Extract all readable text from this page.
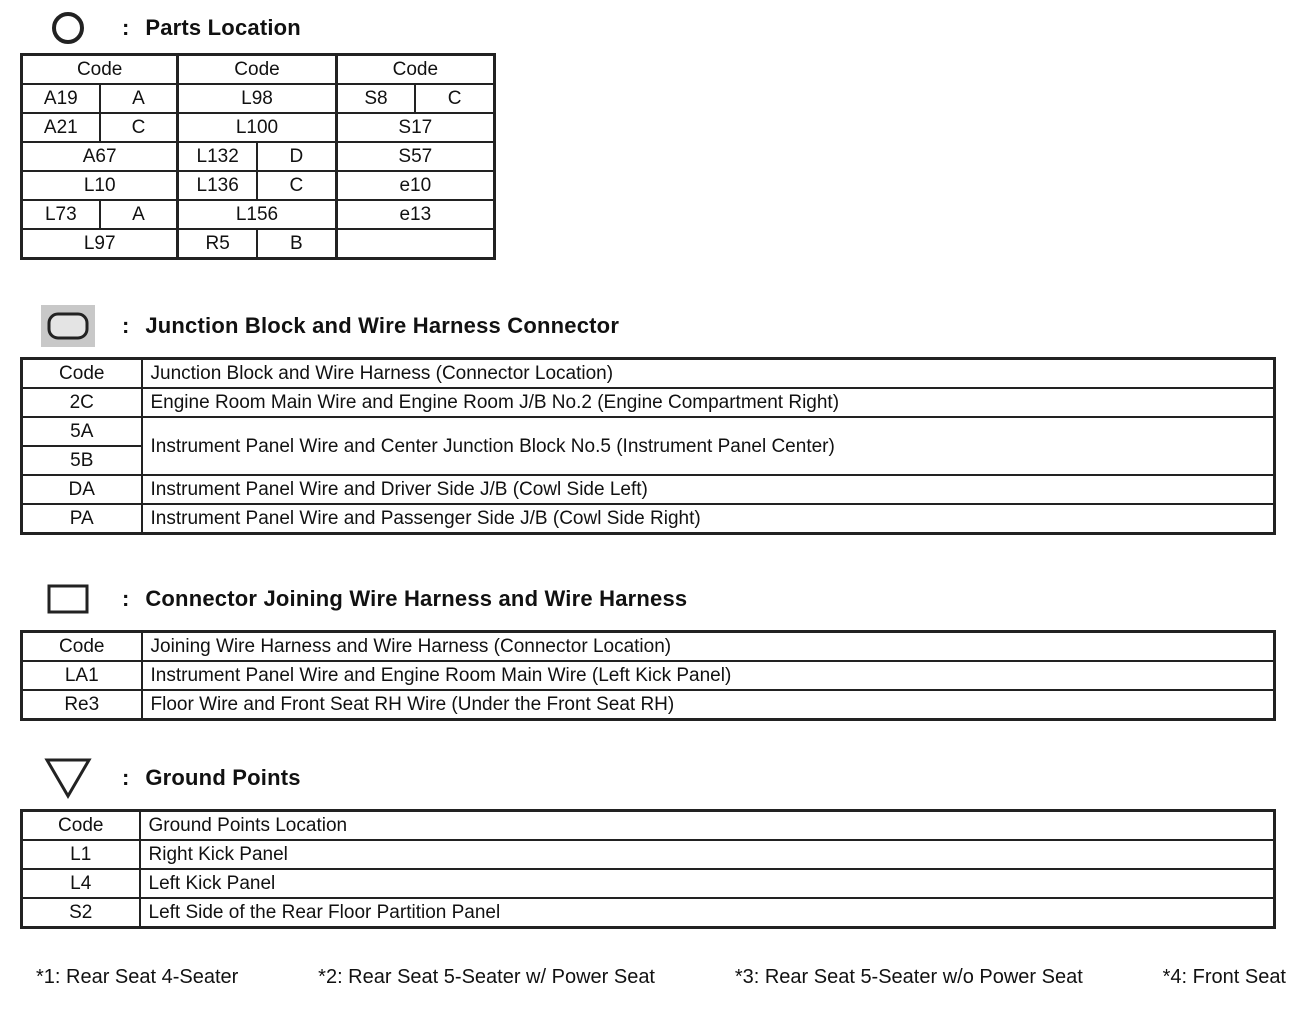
: Parts Location
Code		Code		Code	
A19	A	L98		S8	C
A21	C	L100		S17	
A67		L132	D	S57	
L10		L136	C	e10	
L73	A	L156		e13	
L97		R5	B		
: Junction Block and Wire Harness Connector
Code	Junction Block and Wire Harness (Connector Location)
2C	Engine Room Main Wire and Engine Room J/B No.2 (Engine Compartment Right)
5A	Instrument Panel Wire and Center Junction Block No.5 (Instrument Panel Center)
5B	
DA	Instrument Panel Wire and Driver Side J/B (Cowl Side Left)
PA	Instrument Panel Wire and Passenger Side J/B (Cowl Side Right)
: Connector Joining Wire Harness and Wire Harness
Code	Joining Wire Harness and Wire Harness (Connector Location)
LA1	Instrument Panel Wire and Engine Room Main Wire (Left Kick Panel)
Re3	Floor Wire and Front Seat RH Wire (Under the Front Seat RH)
: Ground Points
Code	Ground Points Location
L1	Right Kick Panel
L4	Left Kick Panel
S2	Left Side of the Rear Floor Partition Panel
*1: Rear Seat 4-Seater	*2: Rear Seat 5-Seater w/ Power Seat	*3: Rear Seat 5-Seater w/o Power Seat	*4: Front Seat
